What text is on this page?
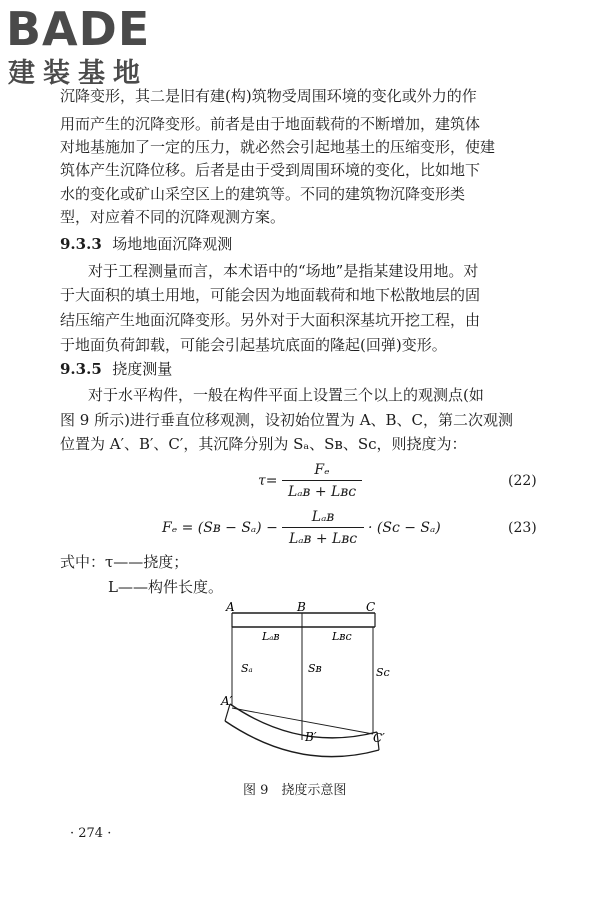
BADE
建装基地
沉降变形，其二是旧有建(构)筑物受周围环境的变化或外力的作
用而产生的沉降变形。前者是由于地面载荷的不断增加，建筑体
对地基施加了一定的压力，就必然会引起地基土的压缩变形，使建
筑体产生沉降位移。后者是由于受到周围环境的变化，比如地下
水的变化或矿山采空区上的建筑等。不同的建筑物沉降变形类
型，对应着不同的沉降观测方案。
9.3.3 场地地面沉降观测
对于工程测量而言，本术语中的“场地”是指某建设用地。对
于大面积的填土用地，可能会因为地面载荷和地下松散地层的固
结压缩产生地面沉降变形。另外对于大面积深基坑开挖工程，由
于地面负荷卸载，可能会引起基坑底面的隆起(回弹)变形。
9.3.5 挠度测量
对于水平构件，一般在构件平面上设置三个以上的观测点(如
图 9 所示)进行垂直位移观测，设初始位置为 A、B、C，第二次观测
位置为 A′、B′、C′，其沉降分别为 Sₐ、Sʙ、Sᴄ，则挠度为：
τ=
Fₑ
Lₐʙ + Lʙᴄ
(22)
Fₑ = (Sʙ − Sₐ) −
Lₐʙ
Lₐʙ + Lʙᴄ
· (Sᴄ − Sₐ)	(23)
式中：τ——挠度；
L——构件长度。
A	B	C
Lₐʙ	Lʙᴄ
Sₐ	Sʙ	Sᴄ
A′
B′	C′
图 9　挠度示意图
· 274 ·
